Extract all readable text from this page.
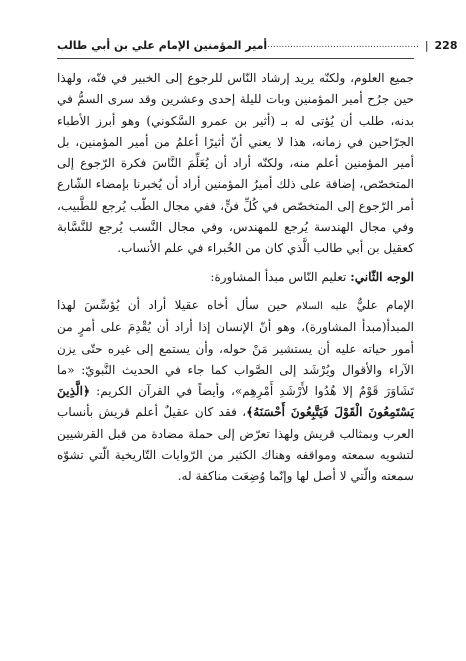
أمير المؤمنين الإمام علي بن أبي طالب ..................................................... | 228

جميع العلوم، ولكنّه يريد إرشاد النّاس للرجوع إلى الخبير في فنّه، ولهذا حين جرُح أمير المؤمنين وبات لليلة إحدى وعشرين وقد سرى السمُّ في بدنه، طلب أن يُؤتى له بـ (أثير بن عمرو السَّكوني) وهو أبرز الأطباء الجرّاحين في زمانه، هذا لا يعني أنّ أثيرًا أعلمُ من أمير المؤمنين، بل أمير المؤمنين أعلم منه، ولكنّه أراد أن يُعَلِّمَ النَّاسَ فكرة الرّجوع إلى المتخصّص، إضافة على ذلك أميرُ المؤمنين أراد أن يُخبرنا بإمضاء الشّارع أمر الرّجوع إلى المتخصّص في كُلِّ فنٍّ، ففي مجال الطّب يُرجع للطَّبيب، وفي مجال الهندسة يُرجع للمهندس، وفي مجال النَّسب يُرجع للنَّسَّابة كعقيل بن أبي طالب الَّذي كان من الخُبراء في علم الأنساب.

الوجه الثّاني: تعليم النّاس مبدأ المشاورة:

الإمام عليٌّ عليه السلام حين سأل أخاه عقيلا أراد أن يُؤسِّسَ لهذا المبدأ(مبدأ المشاورة)، وهو أنّ الإنسان إذا أراد أن يُقْدِمَ على أمرٍ من أمور حياته عليه أن يستشير مَنْ حوله، وأن يستمع إلى غيره حتّى يزن الآراء والأقوال ويُرْشَد إلى الصَّواب كما جاء في الحديث النَّبويّ: «ما تَشَاوَرَ قَوْمٌ إلا هُدُوا لأَرْشَدِ أَمْرِهِم»، وأيضاً في القرآن الكريم: ﴿الَّذِينَ يَسْتَمِعُونَ الْقَوْلَ فَيَتَّبِعُونَ أَحْسَنَهُ﴾، فقد كان عقيلٌ أعلم قريش بأنساب العرب وبمثالب قريش ولهذا تعرّض إلى حملة مضادة من قبل القرشيين لتشويه سمعته ومواقفه وهناك الكثير من الرّوايات التّاريخية الّتي تشوّه سمعته والّتي لا أصل لها وإنّما وُضِعَت مناكفة له.
